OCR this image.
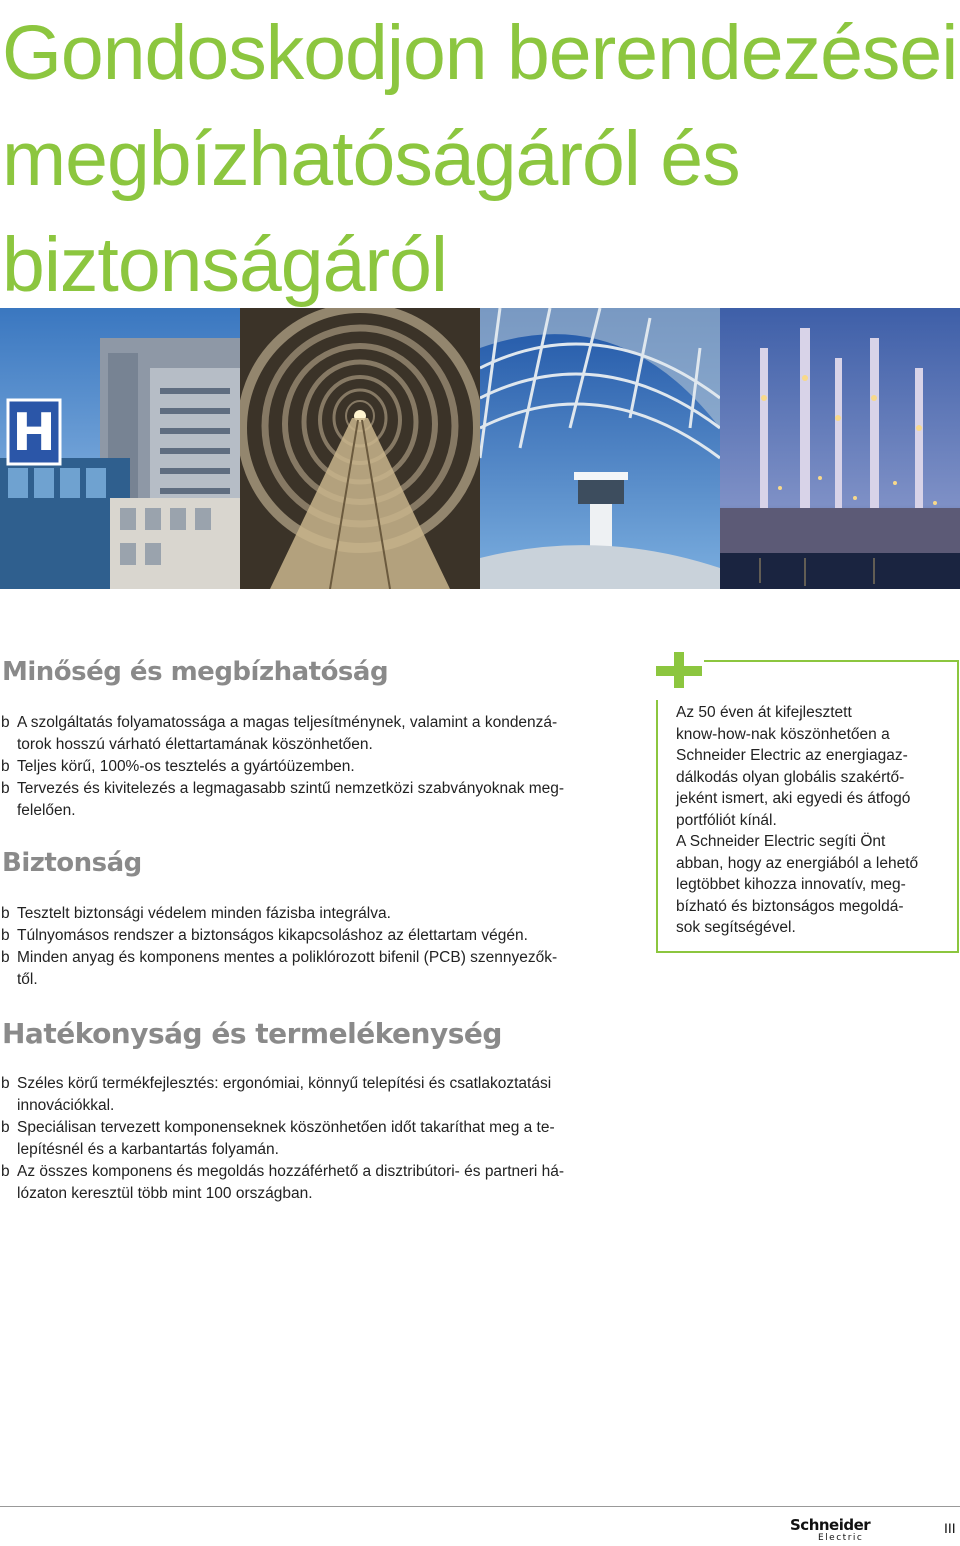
Gondoskodjon berendezései
megbízhatóságáról és
biztonságáról
H
Minőség és megbízhatóság
b A szolgáltatás folyamatossága a magas teljesítménynek, valamint a kondenzá-
torok hosszú várható élettartamának köszönhetően.
b Teljes körű, 100%-os tesztelés a gyártóüzemben.
b Tervezés és kivitelezés a legmagasabb szintű nemzetközi szabványoknak meg-
felelően.
Biztonság
b Tesztelt biztonsági védelem minden fázisba integrálva.
b Túlnyomásos rendszer a biztonságos kikapcsoláshoz az élettartam végén.
b Minden anyag és komponens mentes a poliklórozott bifenil (PCB) szennyezők-
től.
Az 50 éven át kifejlesztett
know-how-nak köszönhetően a
Schneider Electric az energiagaz-
dálkodás olyan globális szakértő-
jeként ismert, aki egyedi és átfogó
portfóliót kínál.
A Schneider Electric segíti Önt
abban, hogy az energiából a lehető
legtöbbet kihozza innovatív, meg-
bízható és biztonságos megoldá-
sok segítségével.
Hatékonyság és termelékenység
b Széles körű termékfejlesztés: ergonómiai, könnyű telepítési és csatlakoztatási
innovációkkal.
b Speciálisan tervezett komponenseknek köszönhetően időt takaríthat meg a te-
lepítésnél és a karbantartás folyamán.
b Az összes komponens és megoldás hozzáférhető a disztribútori- és partneri há-
lózaton keresztül több mint 100 országban.
Schneider
Electric
III
